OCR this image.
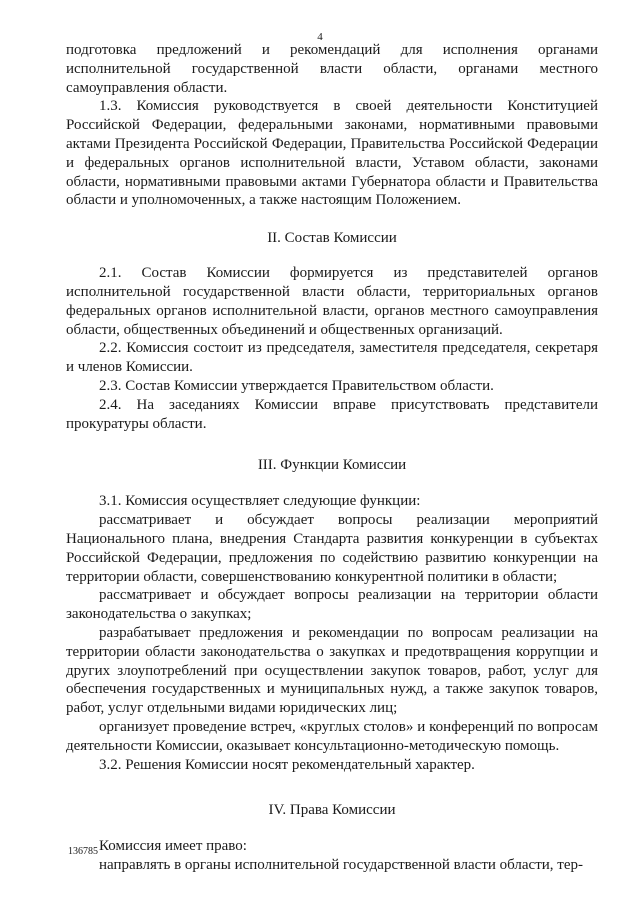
4

подготовка предложений и рекомендаций для исполнения органами исполнительной государственной власти области, органами местного самоуправления области.

1.3. Комиссия руководствуется в своей деятельности Конституцией Российской Федерации, федеральными законами, нормативными правовыми актами Президента Российской Федерации, Правительства Российской Федерации и федеральных органов исполнительной власти, Уставом области, законами области, нормативными правовыми актами Губернатора области и Правительства области и уполномоченных, а также настоящим Положением.

II. Состав Комиссии

2.1. Состав Комиссии формируется из представителей органов исполнительной государственной власти области, территориальных органов федеральных органов исполнительной власти, органов местного самоуправления области, общественных объединений и общественных организаций.

2.2. Комиссия состоит из председателя, заместителя председателя, секретаря и членов Комиссии.

2.3. Состав Комиссии утверждается Правительством области.

2.4. На заседаниях Комиссии вправе присутствовать представители прокуратуры области.

III. Функции Комиссии

3.1. Комиссия осуществляет следующие функции:

рассматривает и обсуждает вопросы реализации мероприятий Национального плана, внедрения Стандарта развития конкуренции в субъектах Российской Федерации, предложения по содействию развитию конкуренции на территории области, совершенствованию конкурентной политики в области;

рассматривает и обсуждает вопросы реализации на территории области законодательства о закупках;

разрабатывает предложения и рекомендации по вопросам реализации на территории области законодательства о закупках и предотвращения коррупции и других злоупотреблений при осуществлении закупок товаров, работ, услуг для обеспечения государственных и муниципальных нужд, а также закупок товаров, работ, услуг отдельными видами юридических лиц;

организует проведение встреч, «круглых столов» и конференций по вопросам деятельности Комиссии, оказывает консультационно-методическую помощь.

3.2. Решения Комиссии носят рекомендательный характер.

IV. Права Комиссии

Комиссия имеет право:

направлять в органы исполнительной государственной власти области, тер-

136785
